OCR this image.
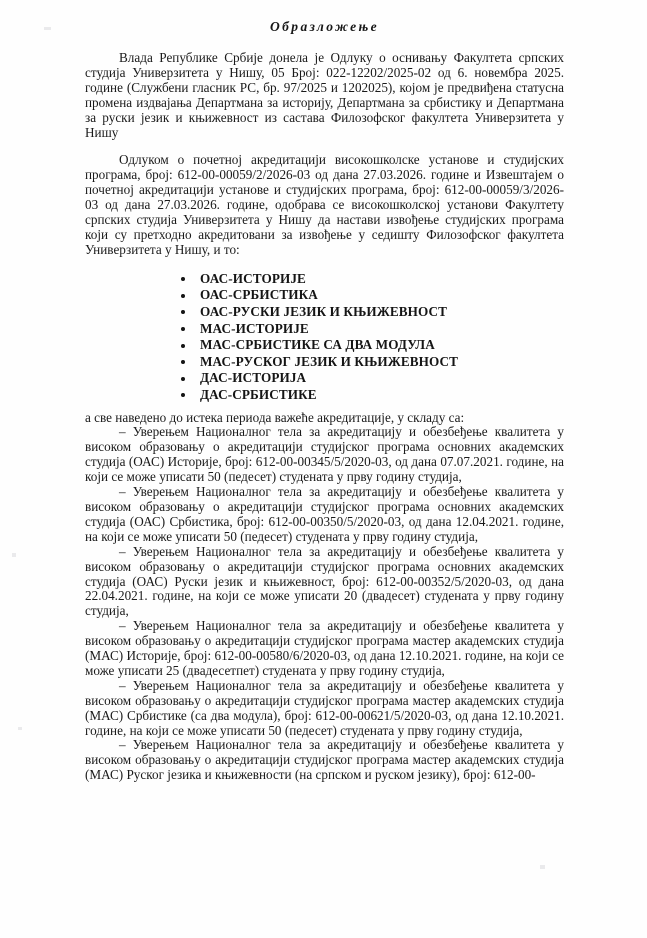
Образложење

Влада Републике Србије донела је Одлуку о оснивању Факултета српских студија Универзитета у Нишу, 05 Број: 022-12202/2025-02 од 6. новембра 2025. године (Службени гласник РС, бр. 97/2025 и 1202025), којом је предвиђена статусна промена издвајања Департмана за историју, Департмана за србистику и Департмана за руски језик и књижевност из састава Филозофског факултета Универзитета у Нишу

Одлуком о почетној акредитацији високошколске установе и студијских програма, број: 612-00-00059/2/2026-03 од дана 27.03.2026. године и Извештајем о почетној акредитацији установе и студијских програма, број: 612-00-00059/3/2026-03 од дана 27.03.2026. године, одобрава се високошколској установи Факултету српских студија Универзитета у Нишу да настави извођење студијских програма који су претходно акредитовани за извођење у седишту Филозофског факултета Универзитета у Нишу, и то:

ОАС-ИСТОРИЈЕ
ОАС-СРБИСТИКА
ОАС-РУСКИ ЈЕЗИК И КЊИЖЕВНОСТ
МАС-ИСТОРИЈЕ
МАС-СРБИСТИКЕ СА ДВА МОДУЛА
МАС-РУСКОГ ЈЕЗИК И КЊИЖЕВНОСТ
ДАС-ИСТОРИЈА
ДАС-СРБИСТИКЕ

а све наведено до истека периода важеће акредитације, у складу са:

– Уверењем Националног тела за акредитацију и обезбеђење квалитета у високом образовању о акредитацији студијског програма основних академских студија (ОАС) Историје, број: 612-00-00345/5/2020-03, од дана 07.07.2021. године, на који се може уписати 50 (педесет) студената у прву годину студија,

– Уверењем Националног тела за акредитацију и обезбеђење квалитета у високом образовању о акредитацији студијског програма основних академских студија (ОАС) Србистика, број: 612-00-00350/5/2020-03, од дана 12.04.2021. године, на који се може уписати 50 (педесет) студената у прву годину студија,

– Уверењем Националног тела за акредитацију и обезбеђење квалитета у високом образовању о акредитацији студијског програма основних академских студија (ОАС) Руски језик и књижевност, број: 612-00-00352/5/2020-03, од дана 22.04.2021. године, на који се може уписати 20 (двадесет) студената у прву годину студија,

– Уверењем Националног тела за акредитацију и обезбеђење квалитета у високом образовању о акредитацији студијског програма мастер академских студија (МАС) Историје, број: 612-00-00580/6/2020-03, од дана 12.10.2021. године, на који се може уписати 25 (двадесетпет) студената у прву годину студија,

– Уверењем Националног тела за акредитацију и обезбеђење квалитета у високом образовању о акредитацији студијског програма мастер академских студија (МАС) Србистике (са два модула), број: 612-00-00621/5/2020-03, од дана 12.10.2021. године, на који се може уписати 50 (педесет) студената у прву годину студија,

– Уверењем Националног тела за акредитацију и обезбеђење квалитета у високом образовању о акредитацији студијског програма мастер академских студија (МАС) Руског језика и књижевности (на српском и руском језику), број: 612-00-
